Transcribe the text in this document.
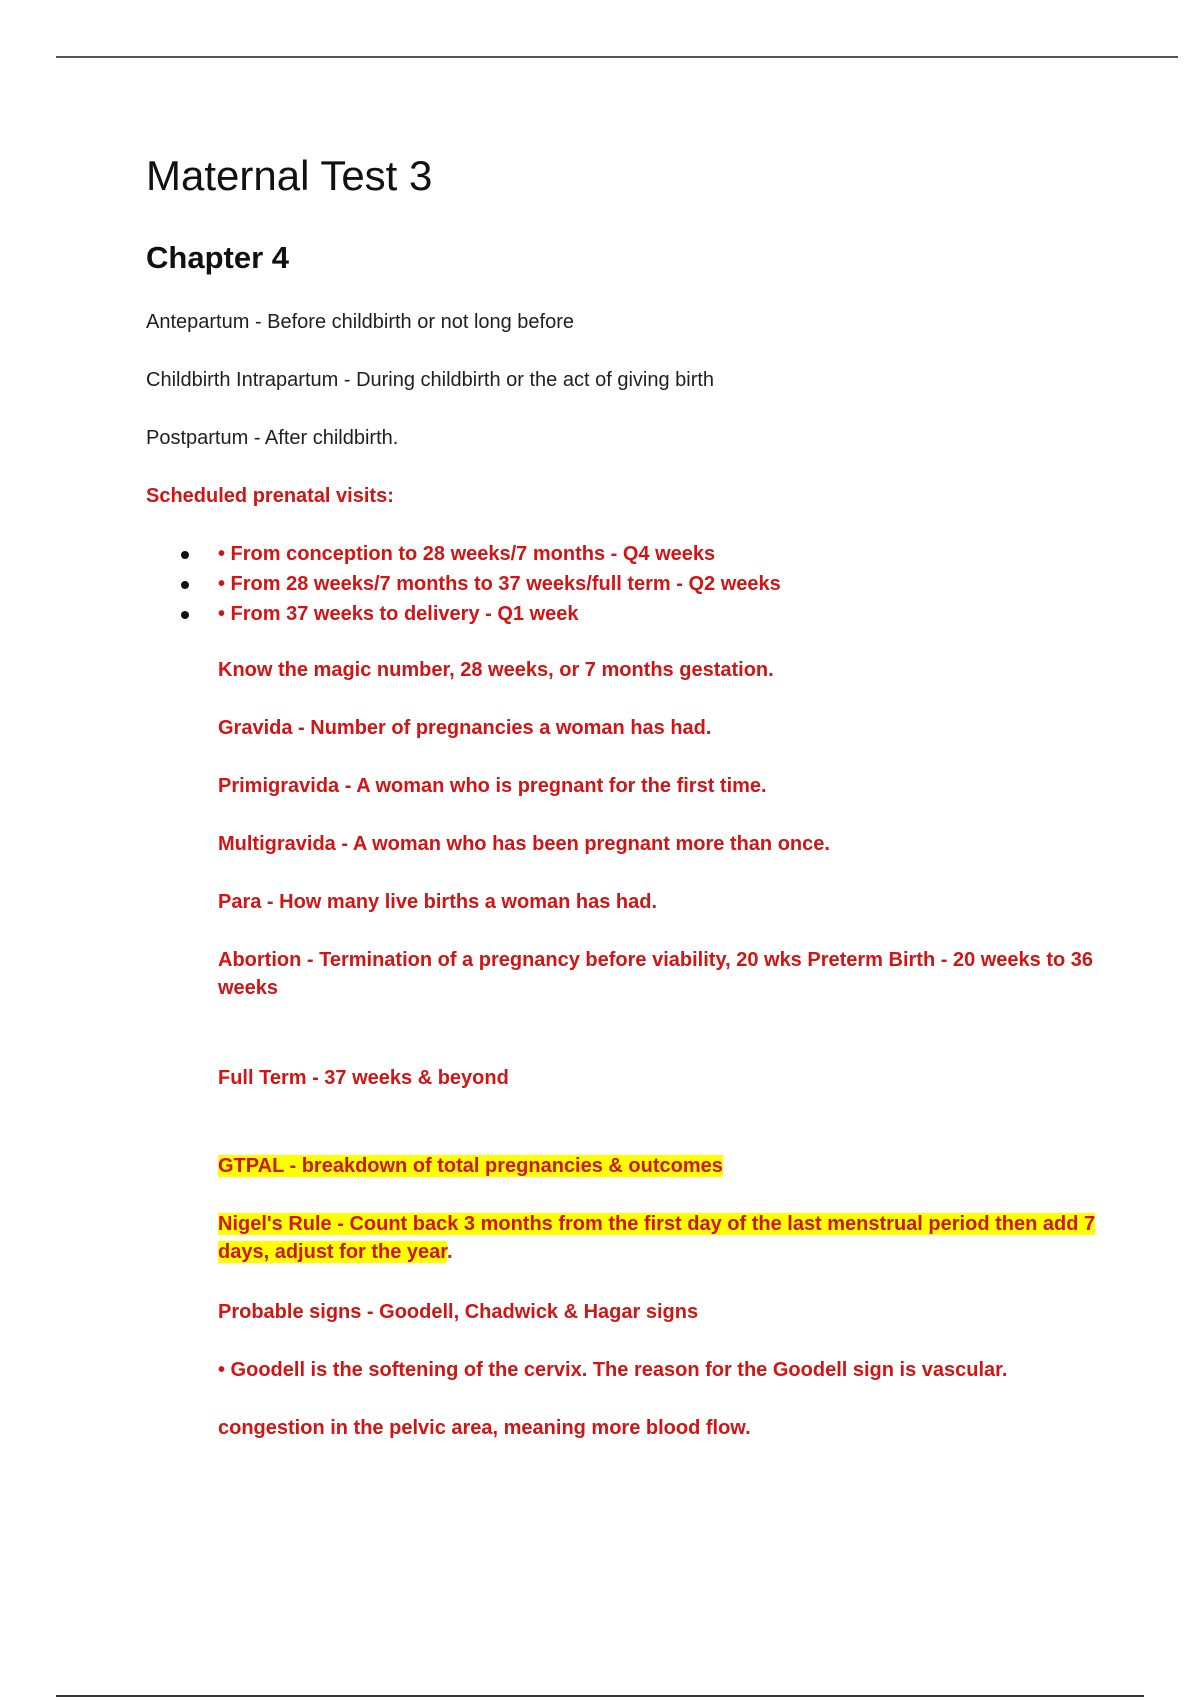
Maternal Test 3
Chapter 4
Antepartum - Before childbirth or not long before
Childbirth Intrapartum - During childbirth or the act of giving birth
Postpartum - After childbirth.
Scheduled prenatal visits:
• From conception to 28 weeks/7 months - Q4 weeks
• From 28 weeks/7 months to 37 weeks/full term - Q2 weeks
• From 37 weeks to delivery - Q1 week
Know the magic number, 28 weeks, or 7 months gestation.
Gravida - Number of pregnancies a woman has had.
Primigravida - A woman who is pregnant for the first time.
Multigravida - A woman who has been pregnant more than once.
Para - How many live births a woman has had.
Abortion - Termination of a pregnancy before viability, 20 wks Preterm Birth - 20 weeks to 36 weeks
Full Term - 37 weeks & beyond
GTPAL - breakdown of total pregnancies & outcomes
Nigel's Rule - Count back 3 months from the first day of the last menstrual period then add 7 days, adjust for the year.
Probable signs - Goodell, Chadwick & Hagar signs
• Goodell is the softening of the cervix. The reason for the Goodell sign is vascular.
congestion in the pelvic area, meaning more blood flow.
